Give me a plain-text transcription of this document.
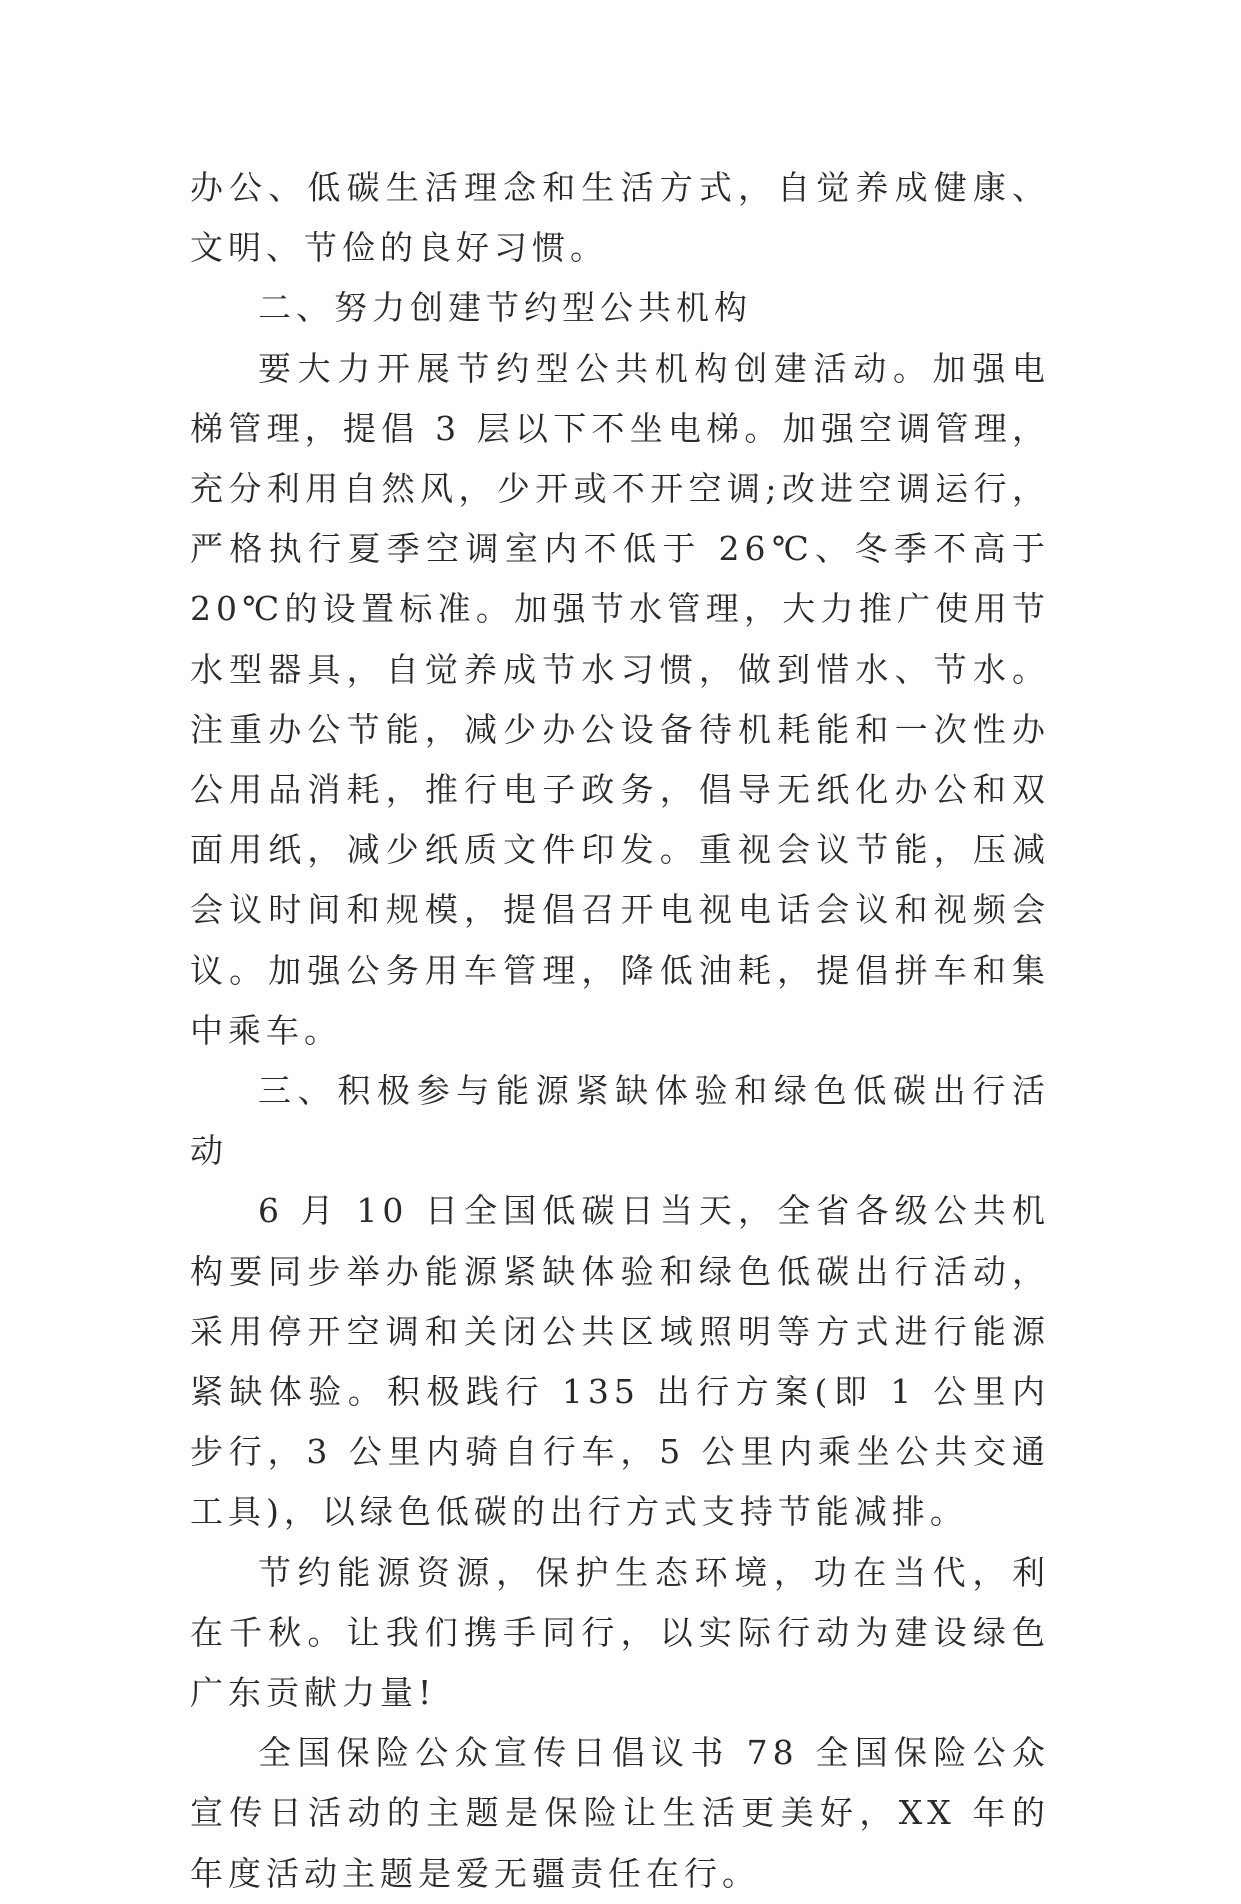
办公、低碳生活理念和生活方式，自觉养成健康、文明、节俭的良好习惯。

二、努力创建节约型公共机构

要大力开展节约型公共机构创建活动。加强电梯管理，提倡 3 层以下不坐电梯。加强空调管理，充分利用自然风，少开或不开空调;改进空调运行，严格执行夏季空调室内不低于 26℃、冬季不高于 20℃的设置标准。加强节水管理，大力推广使用节水型器具，自觉养成节水习惯，做到惜水、节水。注重办公节能，减少办公设备待机耗能和一次性办公用品消耗，推行电子政务，倡导无纸化办公和双面用纸，减少纸质文件印发。重视会议节能，压减会议时间和规模，提倡召开电视电话会议和视频会议。加强公务用车管理，降低油耗，提倡拼车和集中乘车。

三、积极参与能源紧缺体验和绿色低碳出行活动

6 月 10 日全国低碳日当天，全省各级公共机构要同步举办能源紧缺体验和绿色低碳出行活动，采用停开空调和关闭公共区域照明等方式进行能源紧缺体验。积极践行 135 出行方案(即 1 公里内步行，3 公里内骑自行车，5 公里内乘坐公共交通工具)，以绿色低碳的出行方式支持节能减排。

节约能源资源，保护生态环境，功在当代，利在千秋。让我们携手同行，以实际行动为建设绿色广东贡献力量!

全国保险公众宣传日倡议书 78 全国保险公众宣传日活动的主题是保险让生活更美好，XX 年的年度活动主题是爱无疆责任在行。
